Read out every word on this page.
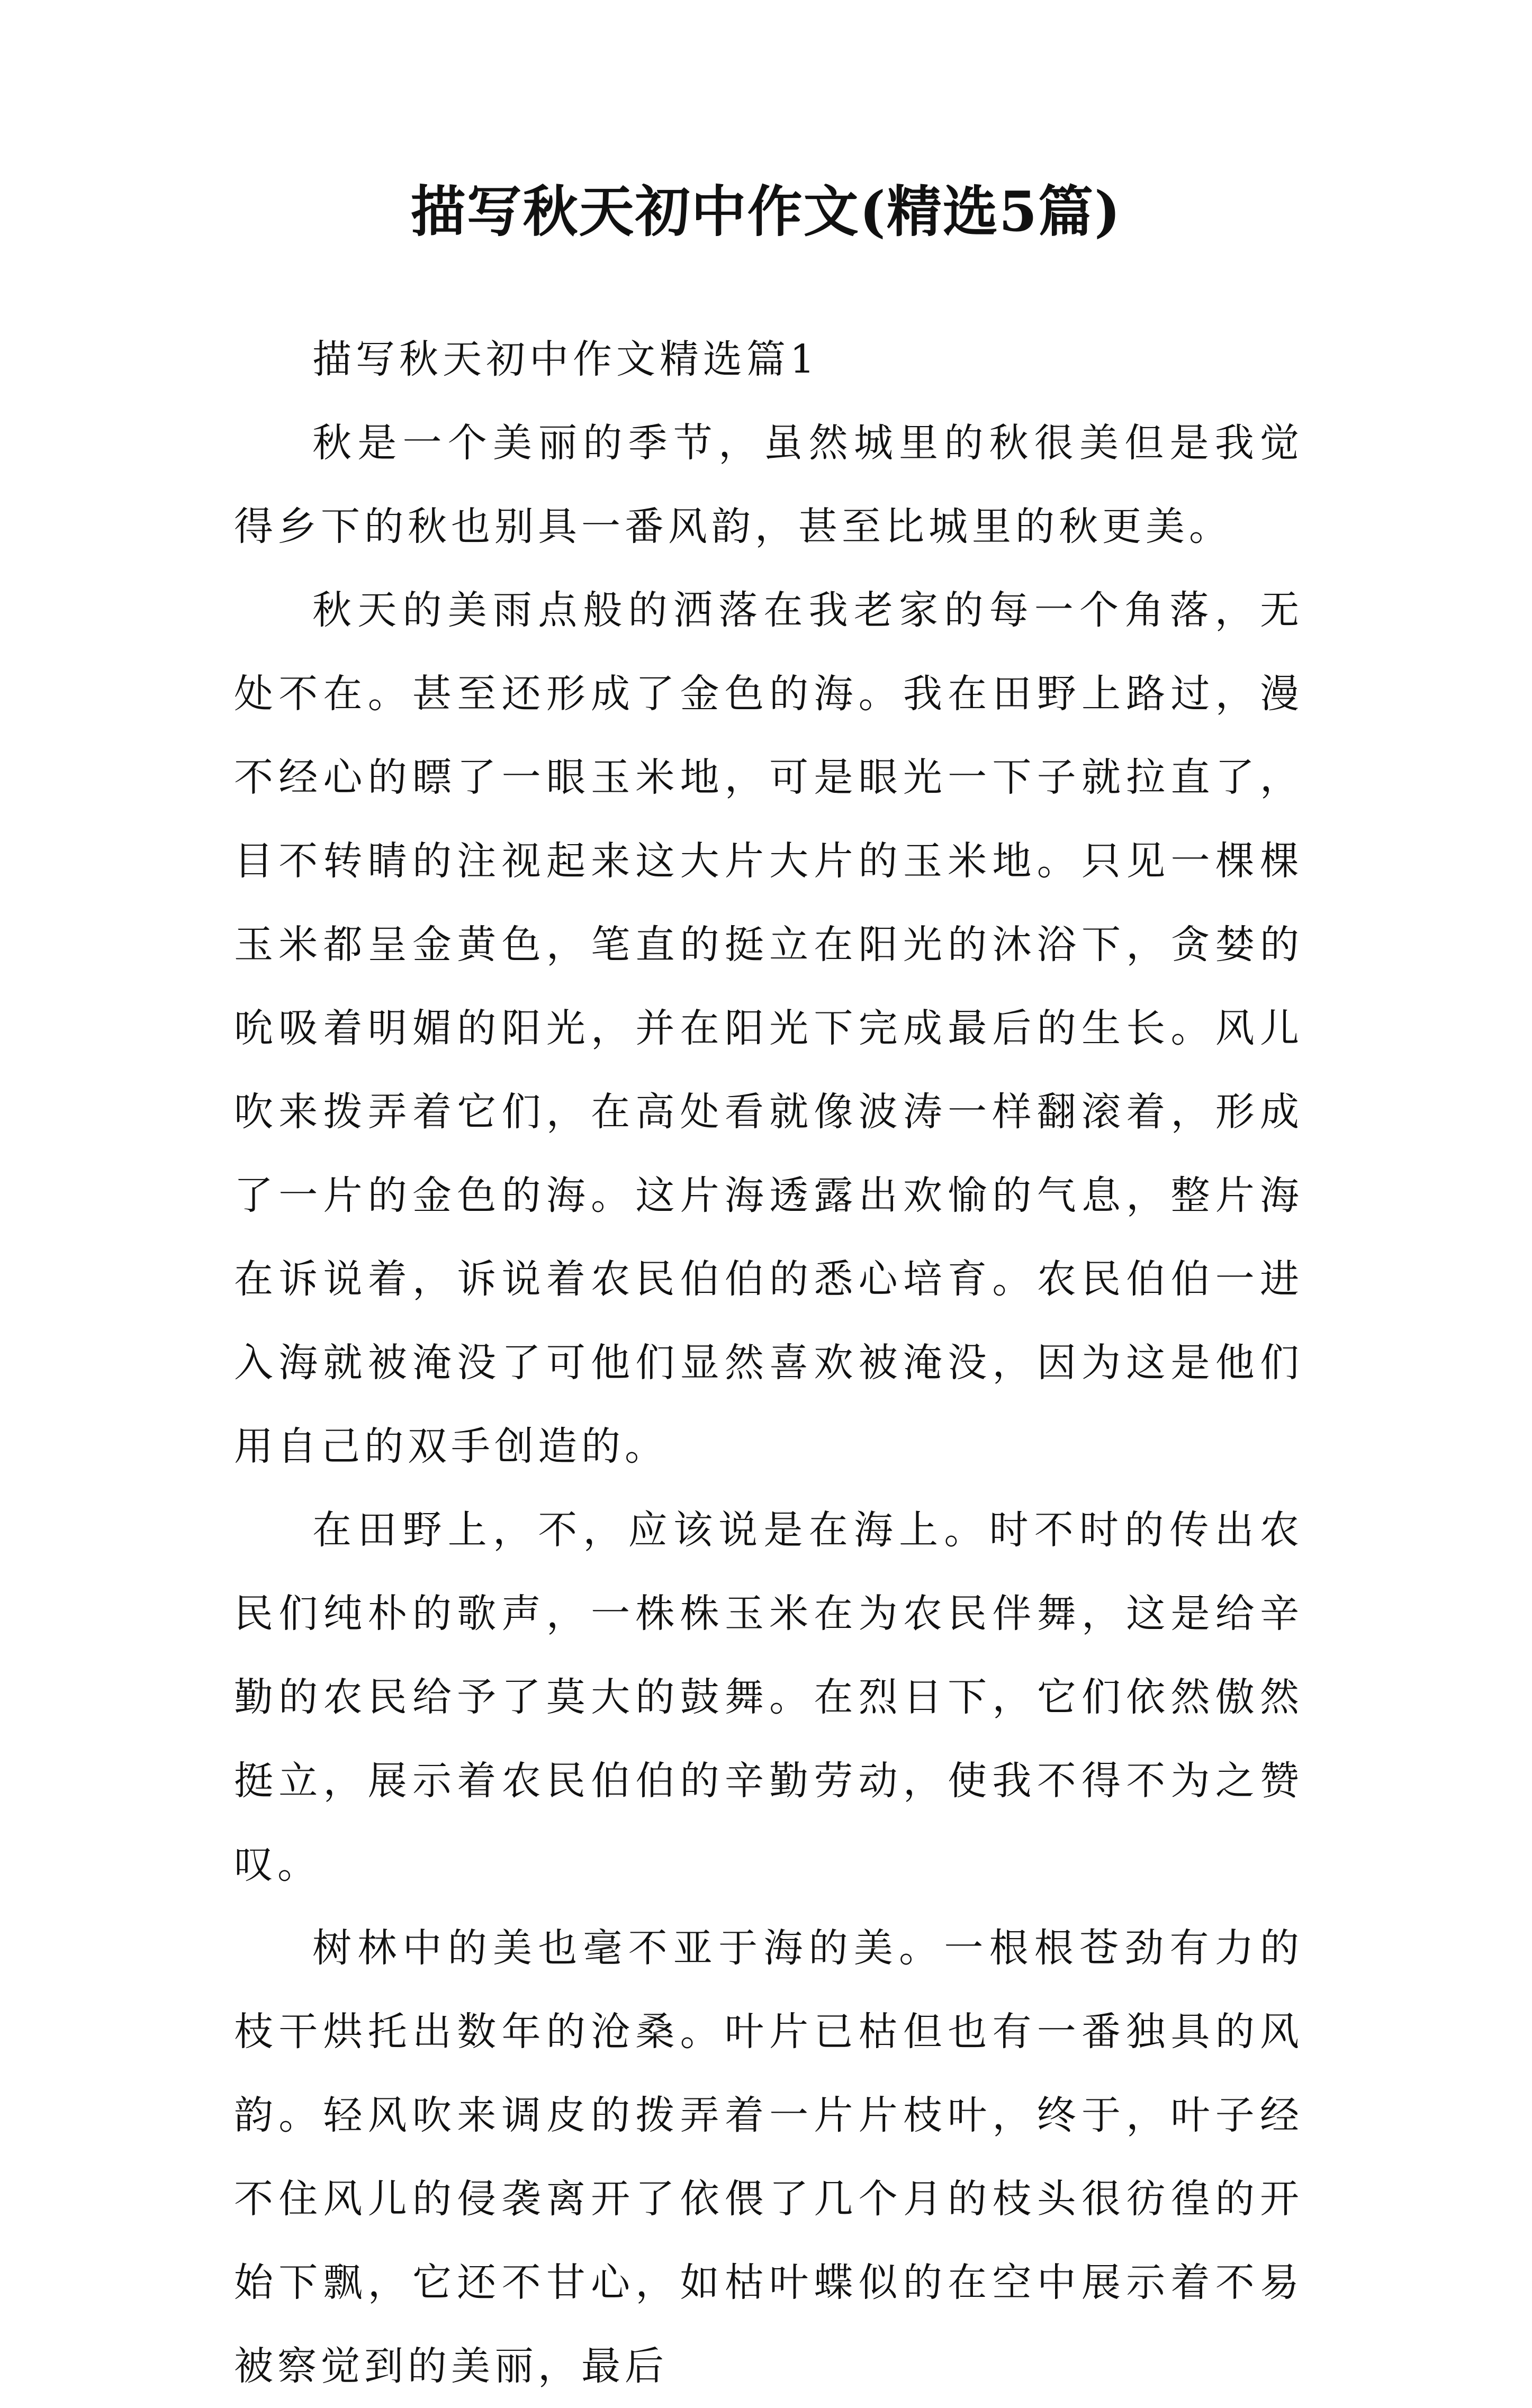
描写秋天初中作文(精选5篇)

描写秋天初中作文精选篇1

秋是一个美丽的季节，虽然城里的秋很美但是我觉得乡下的秋也别具一番风韵，甚至比城里的秋更美。

秋天的美雨点般的洒落在我老家的每一个角落，无处不在。甚至还形成了金色的海。我在田野上路过，漫不经心的瞟了一眼玉米地，可是眼光一下子就拉直了，目不转睛的注视起来这大片大片的玉米地。只见一棵棵玉米都呈金黄色，笔直的挺立在阳光的沐浴下，贪婪的吮吸着明媚的阳光，并在阳光下完成最后的生长。风儿吹来拨弄着它们，在高处看就像波涛一样翻滚着，形成了一片的金色的海。这片海透露出欢愉的气息，整片海在诉说着，诉说着农民伯伯的悉心培育。农民伯伯一进入海就被淹没了可他们显然喜欢被淹没，因为这是他们用自己的双手创造的。

在田野上，不，应该说是在海上。时不时的传出农民们纯朴的歌声，一株株玉米在为农民伴舞，这是给辛勤的农民给予了莫大的鼓舞。在烈日下，它们依然傲然挺立，展示着农民伯伯的辛勤劳动，使我不得不为之赞叹。

树林中的美也毫不亚于海的美。一根根苍劲有力的枝干烘托出数年的沧桑。叶片已枯但也有一番独具的风韵。轻风吹来调皮的拨弄着一片片枝叶，终于，叶子经不住风儿的侵袭离开了依偎了几个月的枝头很彷徨的开始下飘，它还不甘心，如枯叶蝶似的在空中展示着不易被察觉到的美丽，最后
